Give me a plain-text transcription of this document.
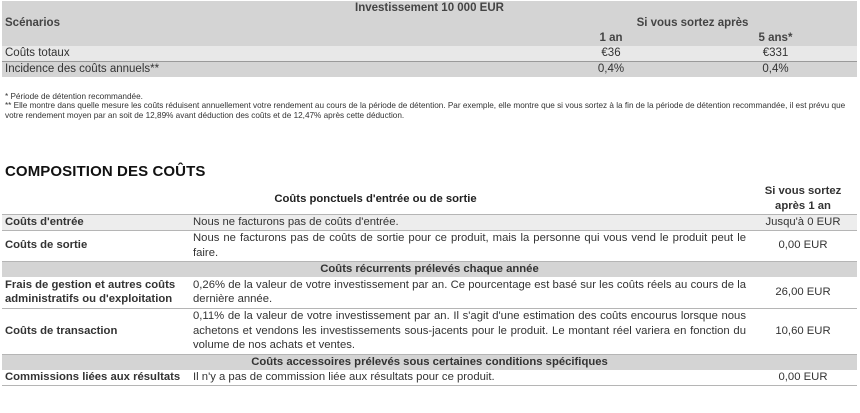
Investissement 10 000 EUR		
Scénarios	Si vous sortez après	
	1 an	5 ans*
Coûts totaux	€36	€331
Incidence des coûts annuels**	0,4%	0,4%
* Période de détention recommandée.
** Elle montre dans quelle mesure les coûts réduisent annuellement votre rendement au cours de la période de détention. Par exemple, elle montre que si vous sortez à la fin de la période de détention recommandée, il est prévu que votre rendement moyen par an soit de 12,89% avant déduction des coûts et de 12,47% après cette déduction.
COMPOSITION DES COÛTS
Coûts ponctuels d'entrée ou de sortie		Si vous sortez
après 1 an

Coûts d'entrée	Nous ne facturons pas de coûts d'entrée.	Jusqu'à 0 EUR
Coûts de sortie	Nous ne facturons pas de coûts de sortie pour ce produit, mais la personne qui vous vend le produit peut le faire.	0,00 EUR
Coûts récurrents prélevés chaque année		
Frais de gestion et autres coûts administratifs ou d'exploitation	0,26% de la valeur de votre investissement par an. Ce pourcentage est basé sur les coûts réels au cours de la dernière année.	26,00 EUR
Coûts de transaction	0,11% de la valeur de votre investissement par an. Il s'agit d'une estimation des coûts encourus lorsque nous achetons et vendons les investissements sous-jacents pour le produit. Le montant réel variera en fonction du volume de nos achats et ventes.	10,60 EUR
Coûts accessoires prélevés sous certaines conditions spécifiques		
Commissions liées aux résultats	Il n'y a pas de commission liée aux résultats pour ce produit.	0,00 EUR
